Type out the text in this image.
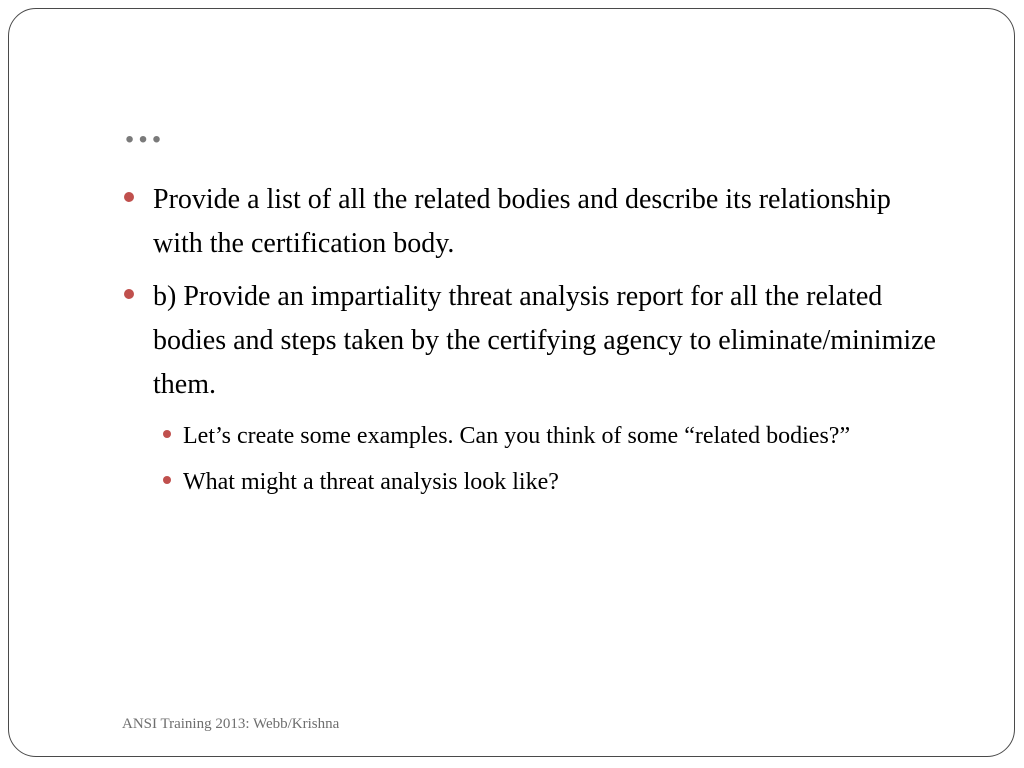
…
Provide a list of all the related bodies and describe its relationship with the certification body.
b) Provide an impartiality threat analysis report for all the related bodies and steps taken by the certifying agency to eliminate/minimize them.
Let’s create some examples. Can you think of some “related bodies?”
What might a threat analysis look like?
ANSI Training 2013: Webb/Krishna
